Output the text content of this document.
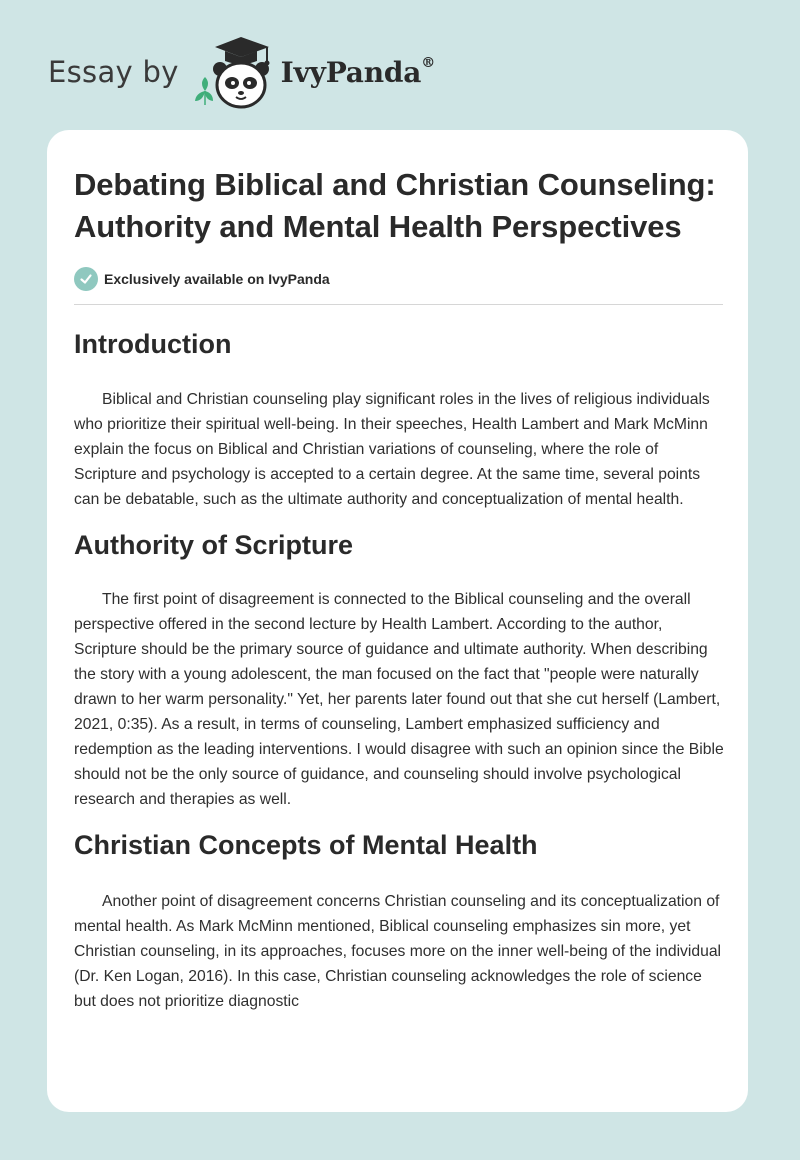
Essay by	IvyPanda®
Debating Biblical and Christian Counseling: Authority and Mental Health Perspectives
Exclusively available on IvyPanda
Introduction

Biblical and Christian counseling play significant roles in the lives of religious individuals who prioritize their spiritual well-being. In their speeches, Health Lambert and Mark McMinn explain the focus on Biblical and Christian variations of counseling, where the role of Scripture and psychology is accepted to a certain degree. At the same time, several points can be debatable, such as the ultimate authority and conceptualization of mental health.

Authority of Scripture

The first point of disagreement is connected to the Biblical counseling and the overall perspective offered in the second lecture by Health Lambert. According to the author, Scripture should be the primary source of guidance and ultimate authority. When describing the story with a young adolescent, the man focused on the fact that "people were naturally drawn to her warm personality." Yet, her parents later found out that she cut herself (Lambert, 2021, 0:35). As a result, in terms of counseling, Lambert emphasized sufficiency and redemption as the leading interventions. I would disagree with such an opinion since the Bible should not be the only source of guidance, and counseling should involve psychological research and therapies as well.

Christian Concepts of Mental Health

Another point of disagreement concerns Christian counseling and its conceptualization of mental health. As Mark McMinn mentioned, Biblical counseling emphasizes sin more, yet Christian counseling, in its approaches, focuses more on the inner well-being of the individual (Dr. Ken Logan, 2016). In this case, Christian counseling acknowledges the role of science but does not prioritize diagnostic
